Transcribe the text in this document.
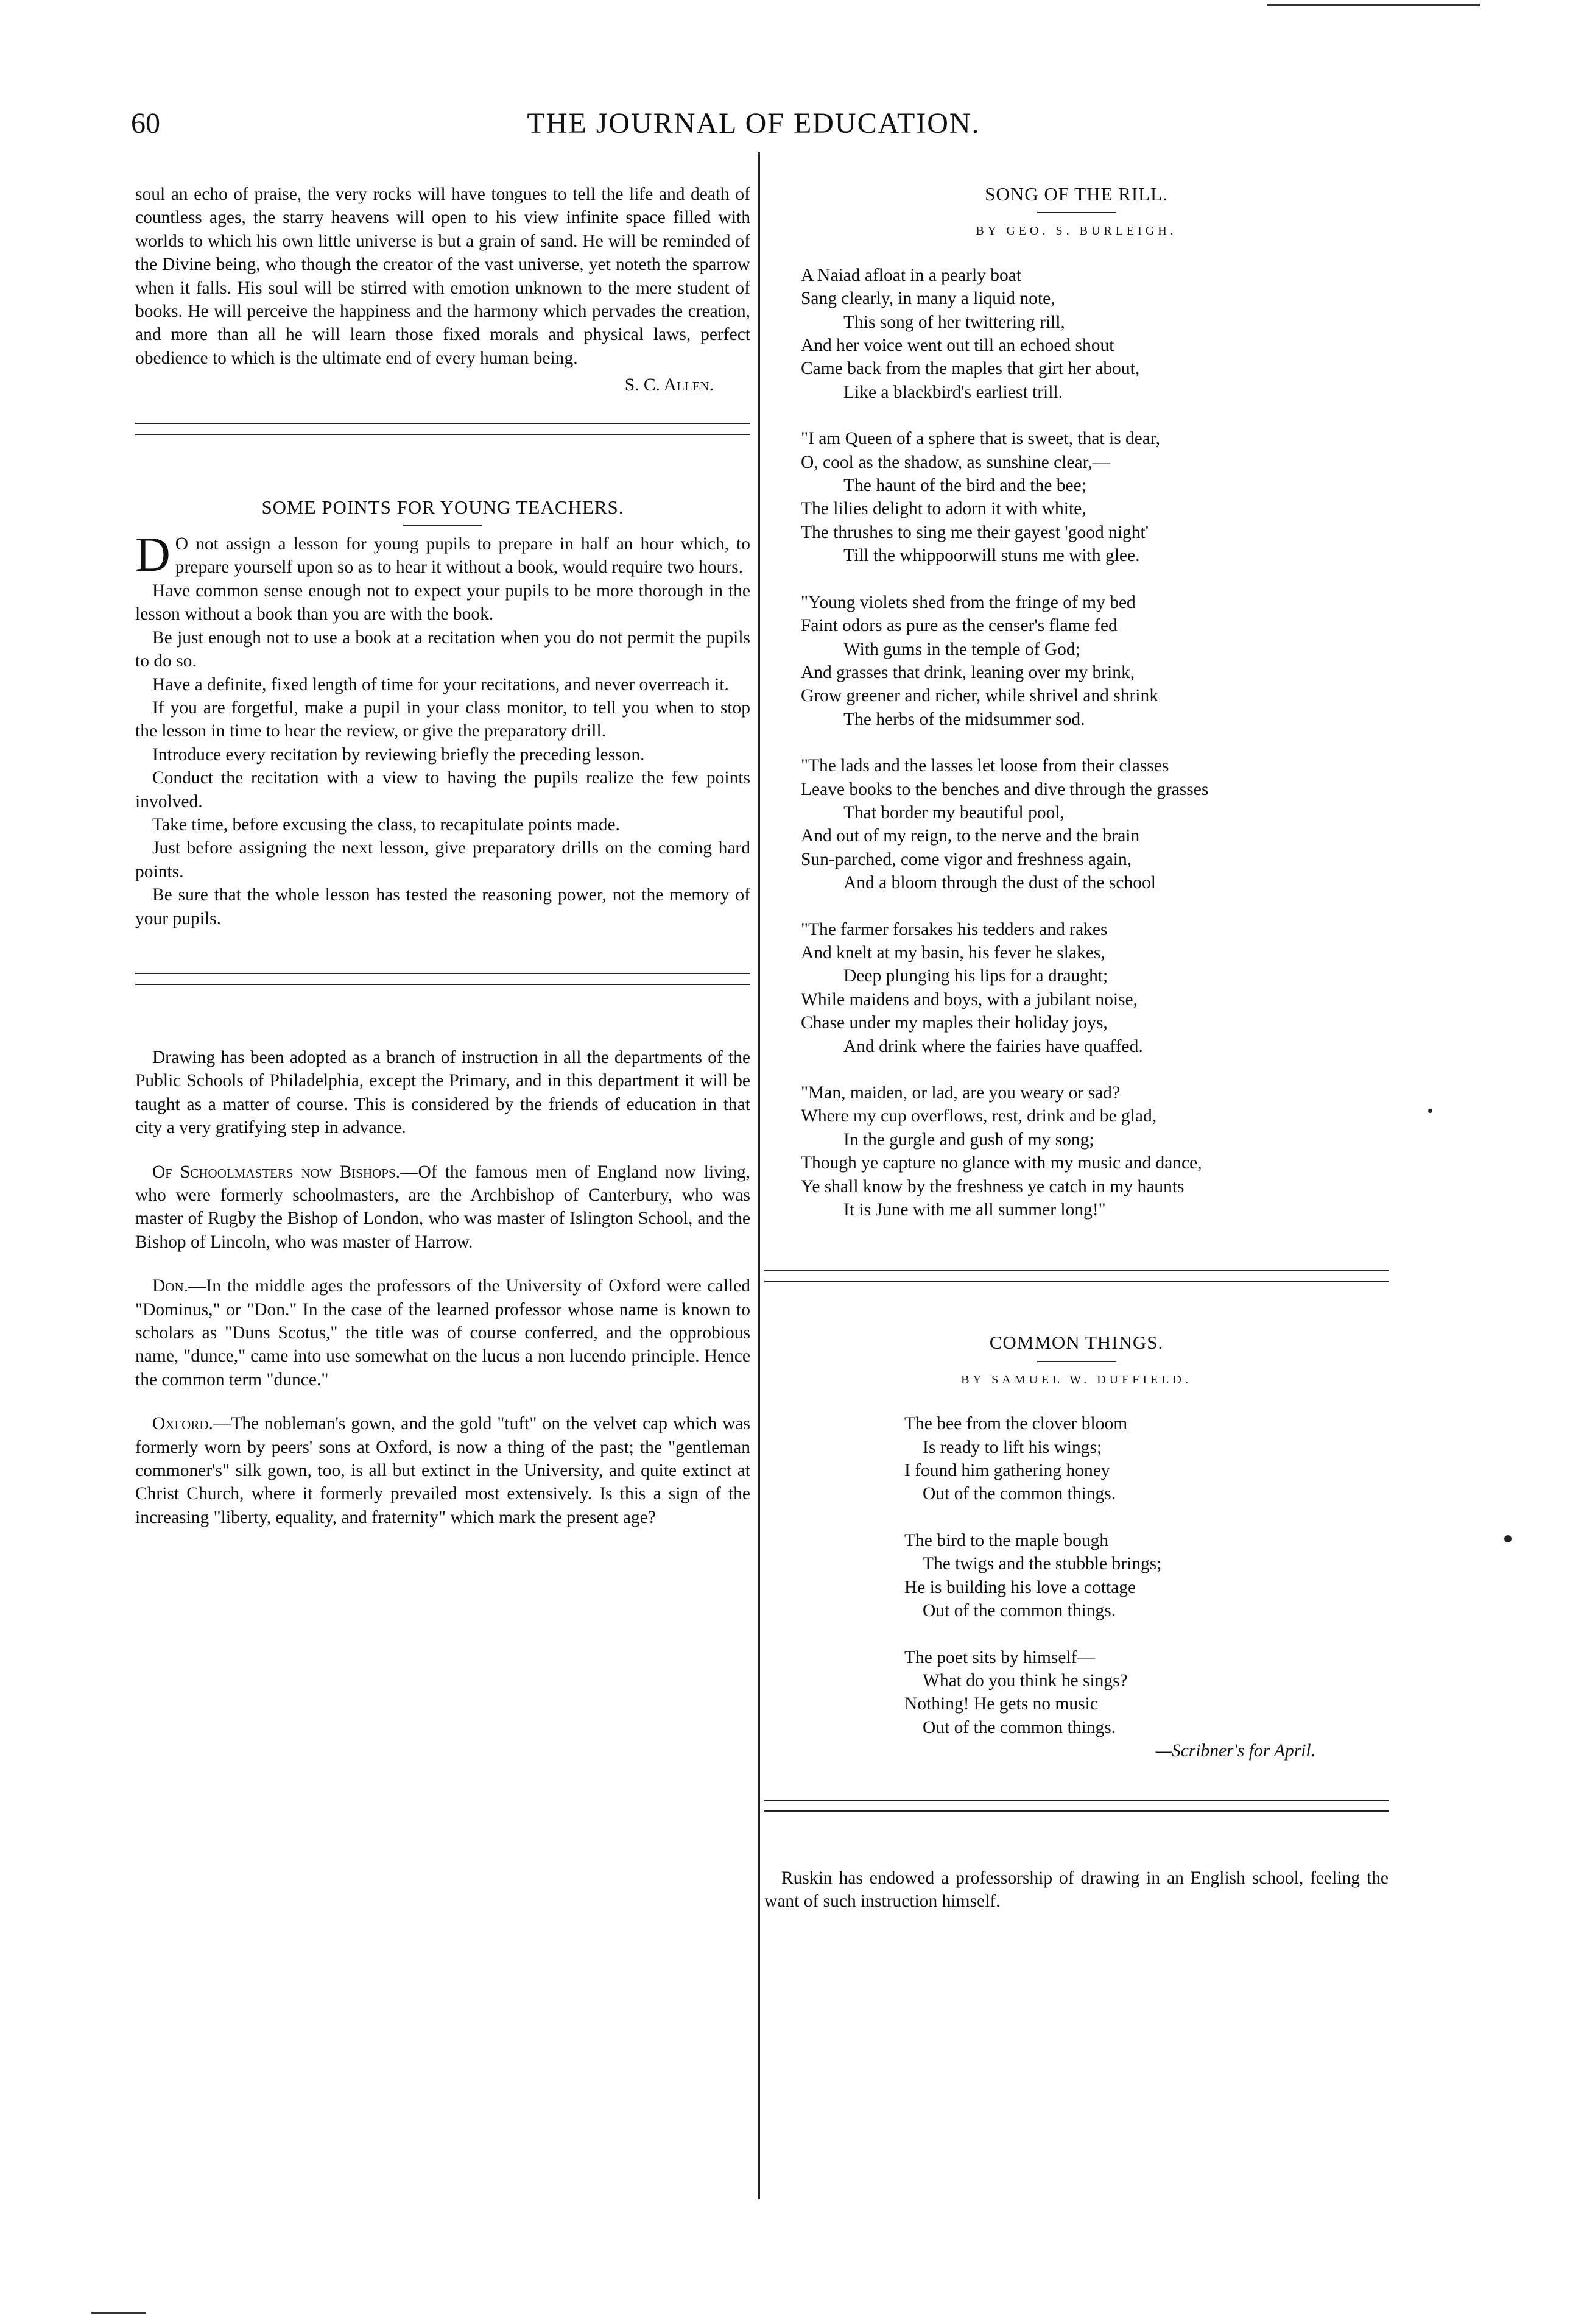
60	THE JOURNAL OF EDUCATION.

soul an echo of praise, the very rocks will have tongues to tell the life and death of countless ages, the starry heavens will open to his view infinite space filled with worlds to which his own little universe is but a grain of sand. He will be reminded of the Divine being, who though the creator of the vast universe, yet noteth the sparrow when it falls. His soul will be stirred with emotion unknown to the mere student of books. He will perceive the happiness and the harmony which pervades the creation, and more than all he will learn those fixed morals and physical laws, perfect obedience to which is the ultimate end of every human being.

S. C. Allen.

SOME POINTS FOR YOUNG TEACHERS.

D O not assign a lesson for young pupils to prepare in half an hour which, to prepare yourself upon so as to hear it without a book, would require two hours.

Have common sense enough not to expect your pupils to be more thorough in the lesson without a book than you are with the book.

Be just enough not to use a book at a recitation when you do not permit the pupils to do so.

Have a definite, fixed length of time for your recitations, and never overreach it.

If you are forgetful, make a pupil in your class monitor, to tell you when to stop the lesson in time to hear the review, or give the preparatory drill.

Introduce every recitation by reviewing briefly the preceding lesson.

Conduct the recitation with a view to having the pupils realize the few points involved.

Take time, before excusing the class, to recapitulate points made.

Just before assigning the next lesson, give preparatory drills on the coming hard points.

Be sure that the whole lesson has tested the reasoning power, not the memory of your pupils.

Drawing has been adopted as a branch of instruction in all the departments of the Public Schools of Philadelphia, except the Primary, and in this department it will be taught as a matter of course. This is considered by the friends of education in that city a very gratifying step in advance.

Of Schoolmasters now Bishops.—Of the famous men of England now living, who were formerly schoolmasters, are the Archbishop of Canterbury, who was master of Rugby the Bishop of London, who was master of Islington School, and the Bishop of Lincoln, who was master of Harrow.

Don.—In the middle ages the professors of the University of Oxford were called "Dominus," or "Don." In the case of the learned professor whose name is known to scholars as "Duns Scotus," the title was of course conferred, and the opprobious name, "dunce," came into use somewhat on the lucus a non lucendo principle. Hence the common term "dunce."

Oxford.—The nobleman's gown, and the gold "tuft" on the velvet cap which was formerly worn by peers' sons at Oxford, is now a thing of the past; the "gentleman commoner's" silk gown, too, is all but extinct in the University, and quite extinct at Christ Church, where it formerly prevailed most extensively. Is this a sign of the increasing "liberty, equality, and fraternity" which mark the present age?

SONG OF THE RILL.

BY GEO. S. BURLEIGH.

A Naiad afloat in a pearly boat
Sang clearly, in many a liquid note,
This song of her twittering rill,
And her voice went out till an echoed shout
Came back from the maples that girt her about,
Like a blackbird's earliest trill.
"I am Queen of a sphere that is sweet, that is dear,
O, cool as the shadow, as sunshine clear,—
The haunt of the bird and the bee;
The lilies delight to adorn it with white,
The thrushes to sing me their gayest 'good night'
Till the whippoorwill stuns me with glee.
"Young violets shed from the fringe of my bed
Faint odors as pure as the censer's flame fed
With gums in the temple of God;
And grasses that drink, leaning over my brink,
Grow greener and richer, while shrivel and shrink
The herbs of the midsummer sod.
"The lads and the lasses let loose from their classes
Leave books to the benches and dive through the grasses
That border my beautiful pool,
And out of my reign, to the nerve and the brain
Sun-parched, come vigor and freshness again,
And a bloom through the dust of the school
"The farmer forsakes his tedders and rakes
And knelt at my basin, his fever he slakes,
Deep plunging his lips for a draught;
While maidens and boys, with a jubilant noise,
Chase under my maples their holiday joys,
And drink where the fairies have quaffed.
"Man, maiden, or lad, are you weary or sad?
Where my cup overflows, rest, drink and be glad,
In the gurgle and gush of my song;
Though ye capture no glance with my music and dance,
Ye shall know by the freshness ye catch in my haunts
It is June with me all summer long!"

COMMON THINGS.

BY SAMUEL W. DUFFIELD.

The bee from the clover bloom
Is ready to lift his wings;
I found him gathering honey
Out of the common things.
The bird to the maple bough
The twigs and the stubble brings;
He is building his love a cottage
Out of the common things.
The poet sits by himself—
What do you think he sings?
Nothing! He gets no music
Out of the common things.

—Scribner's for April.

Ruskin has endowed a professorship of drawing in an English school, feeling the want of such instruction himself.
